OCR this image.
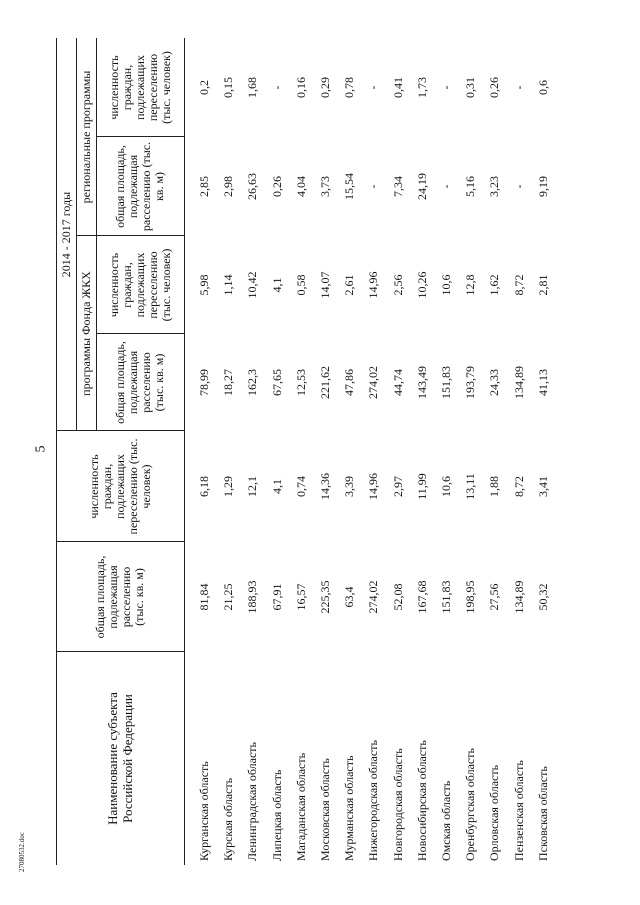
5
27080532.doc
Наименование субъекта Российской Федерации
общая площадь, подлежащая расселению (тыс. кв. м)
численность граждан, подлежащих переселению (тыс. человек)
2014 - 2017 годы
программы Фонда ЖКХ
региональные программы
общая площадь, подлежащая расселению (тыс. кв. м)
численность граждан, подлежащих переселению (тыс. человек)
общая площадь, подлежащая расселению (тыс. кв. м)
численность граждан, подлежащих переселению (тыс. человек)
Курганская область
81,84
6,18
78,99
5,98
2,85
0,2
Курская область
21,25
1,29
18,27
1,14
2,98
0,15
Ленинградская область
188,93
12,1
162,3
10,42
26,63
1,68
Липецкая область
67,91
4,1
67,65
4,1
0,26
-
Магаданская область
16,57
0,74
12,53
0,58
4,04
0,16
Московская область
225,35
14,36
221,62
14,07
3,73
0,29
Мурманская область
63,4
3,39
47,86
2,61
15,54
0,78
Нижегородская область
274,02
14,96
274,02
14,96
-
-
Новгородская область
52,08
2,97
44,74
2,56
7,34
0,41
Новосибирская область
167,68
11,99
143,49
10,26
24,19
1,73
Омская область
151,83
10,6
151,83
10,6
-
-
Оренбургская область
198,95
13,11
193,79
12,8
5,16
0,31
Орловская область
27,56
1,88
24,33
1,62
3,23
0,26
Пензенская область
134,89
8,72
134,89
8,72
-
-
Псковская область
50,32
3,41
41,13
2,81
9,19
0,6
